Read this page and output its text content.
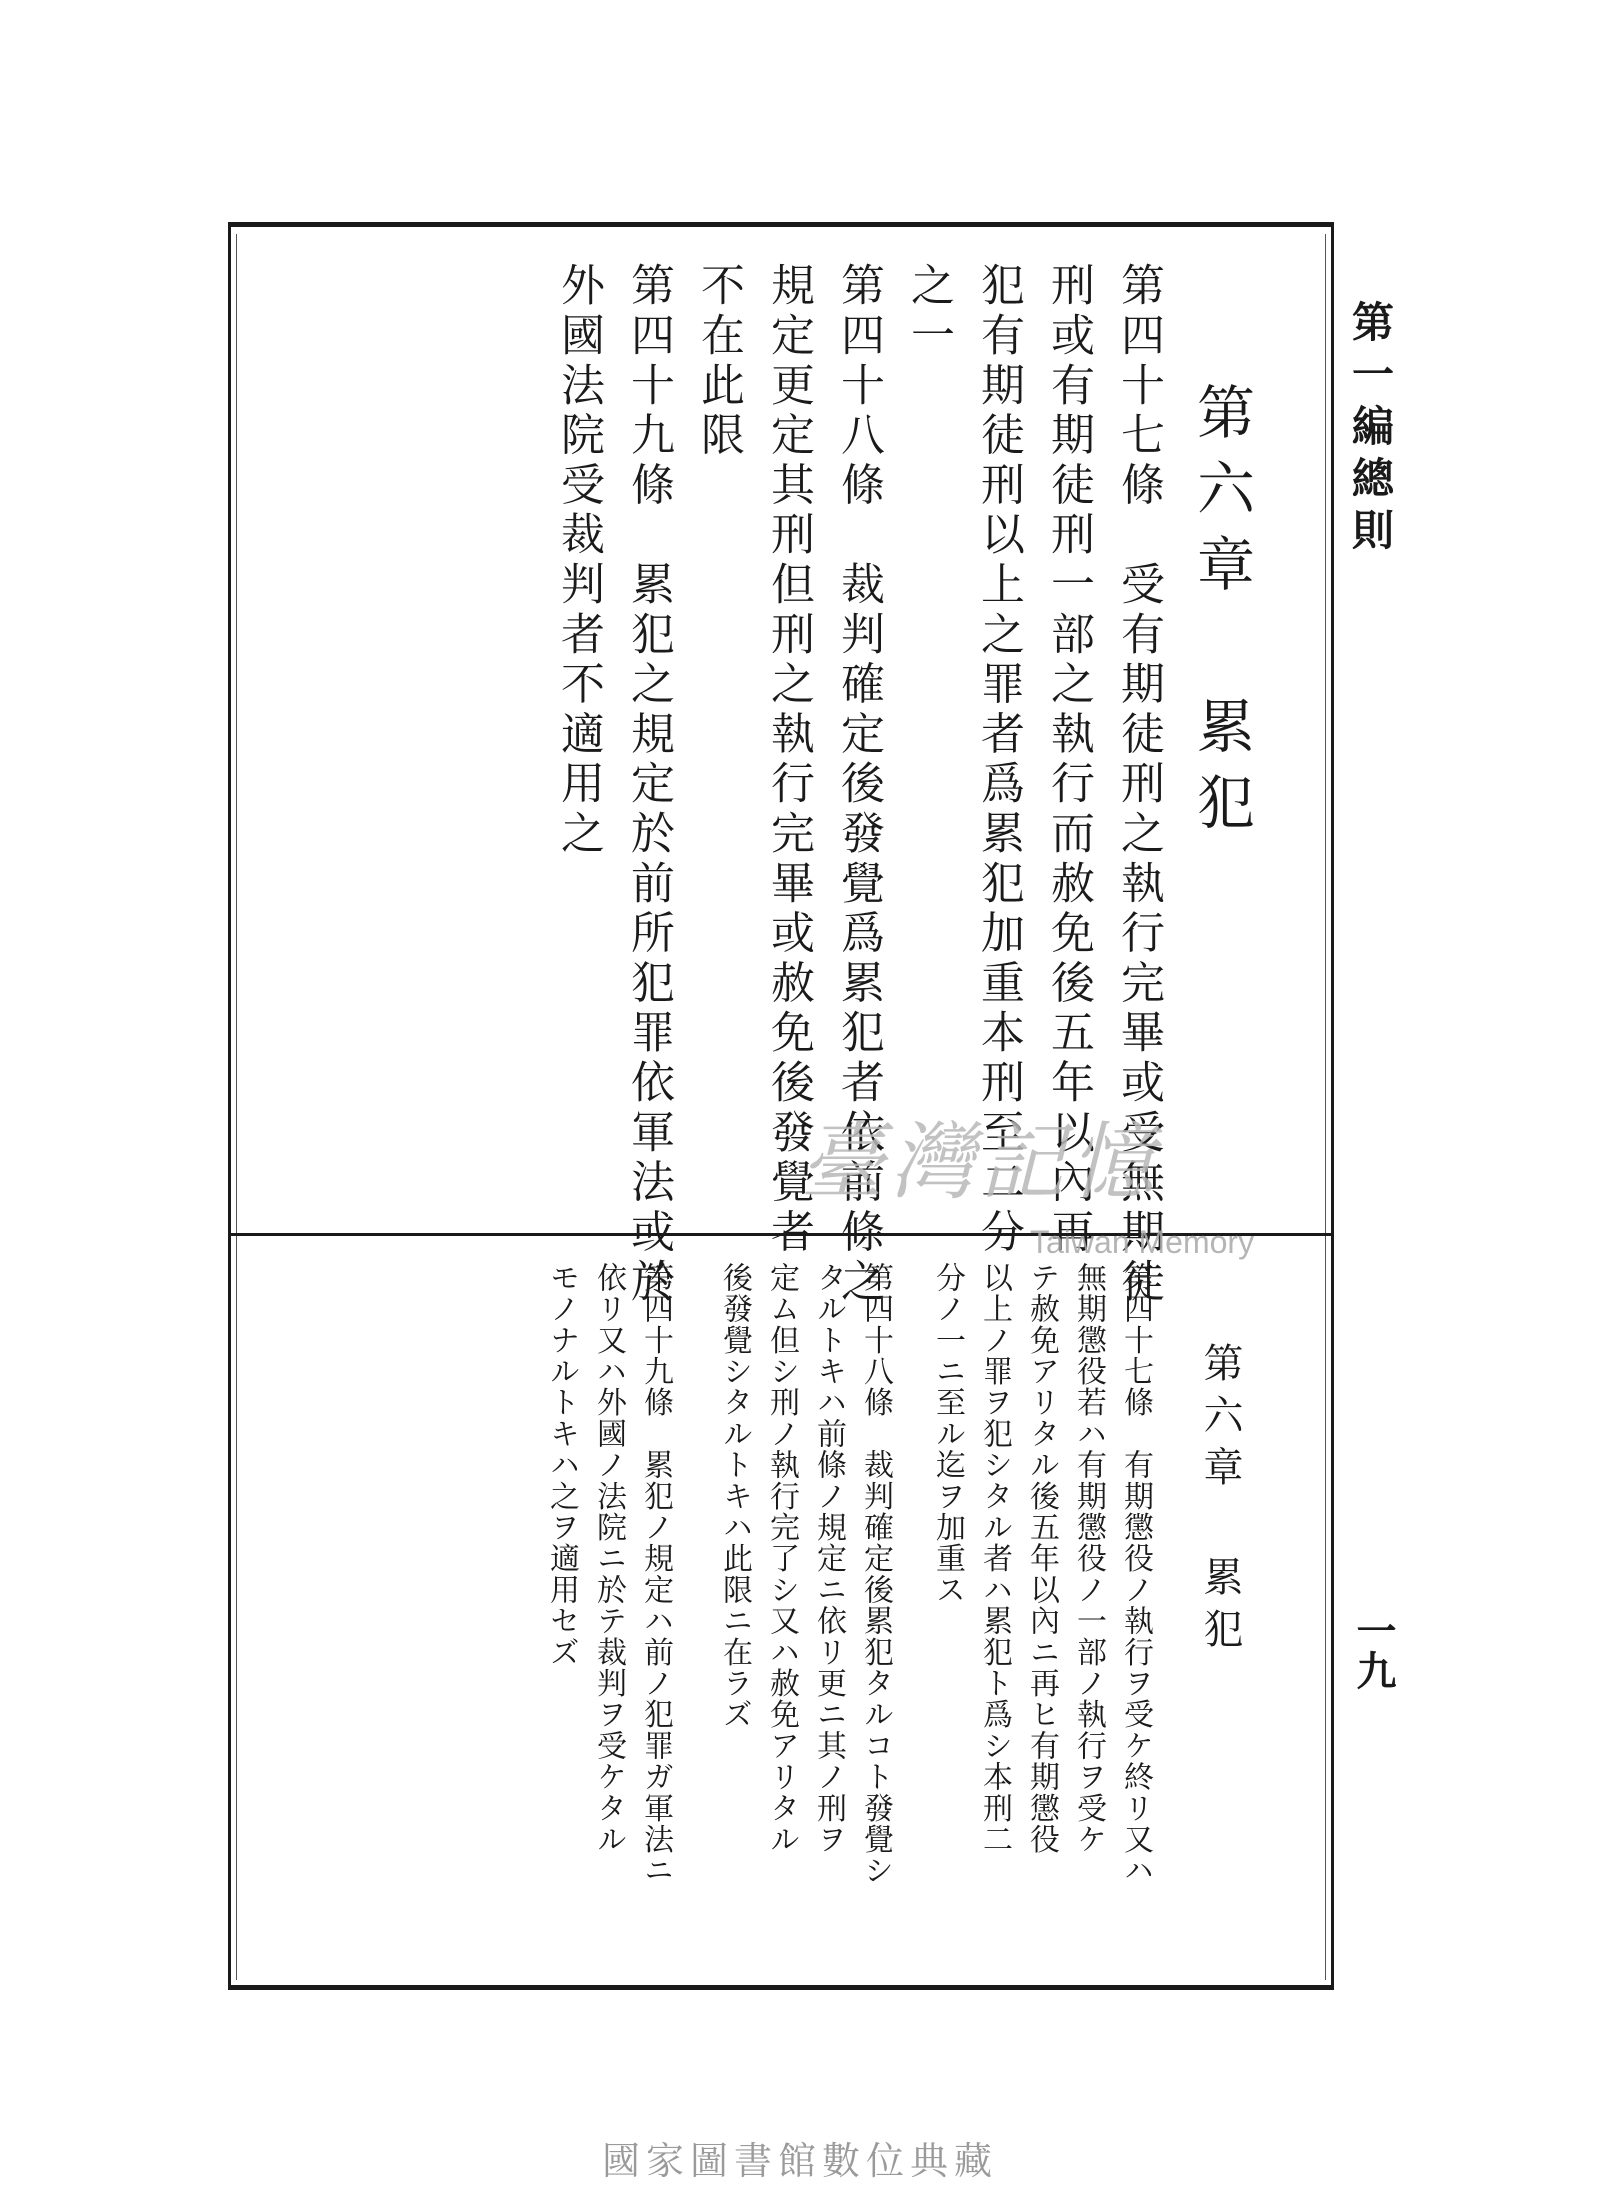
第一編總則
一九
第六章 累犯
第四十七條　受有期徒刑之執行完畢或受無期徒
刑或有期徒刑一部之執行而赦免後五年以內再
犯有期徒刑以上之罪者爲累犯加重本刑至二分
之一
第四十八條　裁判確定後發覺爲累犯者依前條之
規定更定其刑但刑之執行完畢或赦免後發覺者
不在此限
第四十九條　累犯之規定於前所犯罪依軍法或於
外國法院受裁判者不適用之
第六章 累犯
第四十七條　有期懲役ノ執行ヲ受ケ終リ又ハ
無期懲役若ハ有期懲役ノ一部ノ執行ヲ受ケ
テ赦免アリタル後五年以內ニ再ヒ有期懲役
以上ノ罪ヲ犯シタル者ハ累犯ト爲シ本刑二
分ノ一ニ至ル迄ヲ加重ス
第四十八條　裁判確定後累犯タルコト發覺シ
タルトキハ前條ノ規定ニ依リ更ニ其ノ刑ヲ
定ム但シ刑ノ執行完了シ又ハ赦免アリタル
後發覺シタルトキハ此限ニ在ラズ
第四十九條　累犯ノ規定ハ前ノ犯罪ガ軍法ニ
依リ又ハ外國ノ法院ニ於テ裁判ヲ受ケタル
モノナルトキハ之ヲ適用セズ
臺灣記憶
Taiwan Memory
國家圖書館數位典藏
